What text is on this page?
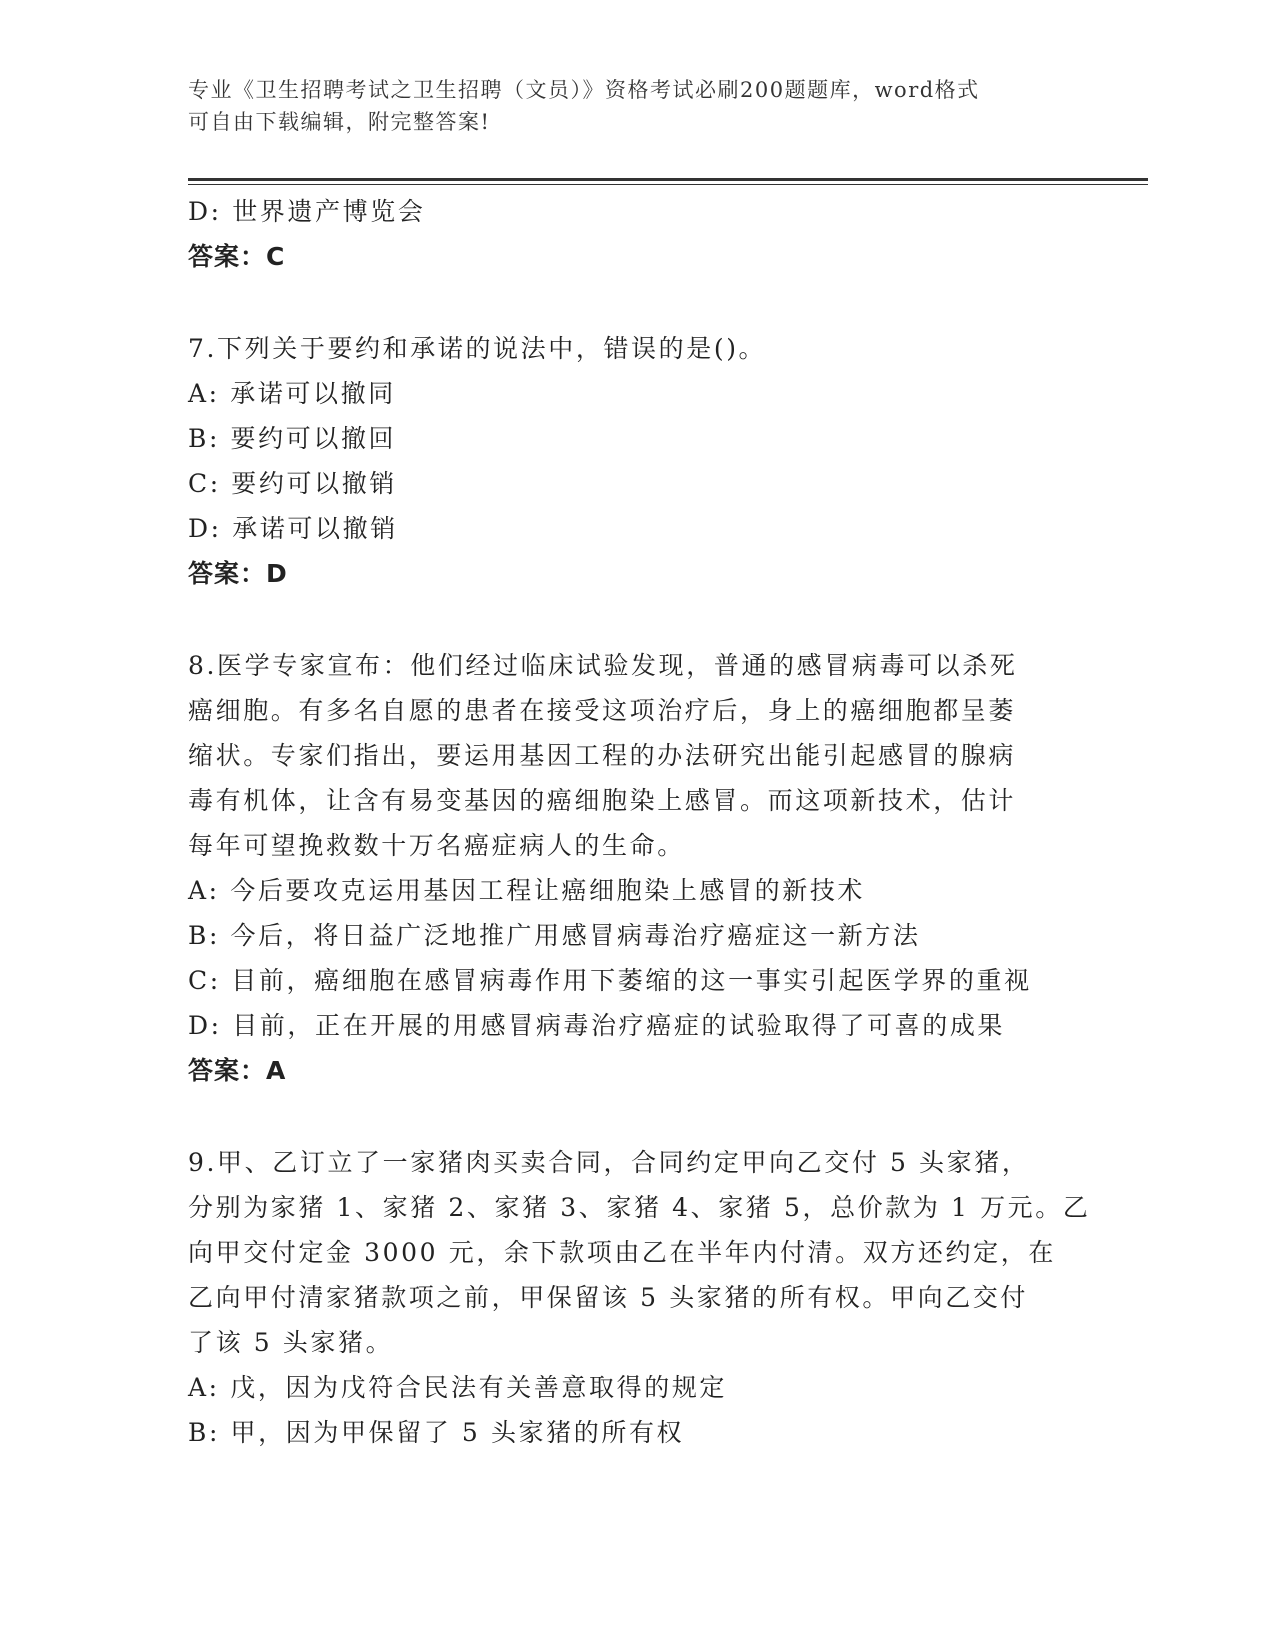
专业《卫生招聘考试之卫生招聘（文员）》资格考试必刷200题题库，word格式
可自由下载编辑，附完整答案!
D: 世界遗产博览会
答案：C
7.下列关于要约和承诺的说法中，错误的是()。
A: 承诺可以撤同
B: 要约可以撤回
C: 要约可以撤销
D: 承诺可以撤销
答案：D
8.医学专家宣布：他们经过临床试验发现，普通的感冒病毒可以杀死
癌细胞。有多名自愿的患者在接受这项治疗后，身上的癌细胞都呈萎
缩状。专家们指出，要运用基因工程的办法研究出能引起感冒的腺病
毒有机体，让含有易变基因的癌细胞染上感冒。而这项新技术，估计
每年可望挽救数十万名癌症病人的生命。
A: 今后要攻克运用基因工程让癌细胞染上感冒的新技术
B: 今后，将日益广泛地推广用感冒病毒治疗癌症这一新方法
C: 目前，癌细胞在感冒病毒作用下萎缩的这一事实引起医学界的重视
D: 目前，正在开展的用感冒病毒治疗癌症的试验取得了可喜的成果
答案：A
9.甲、乙订立了一家猪肉买卖合同，合同约定甲向乙交付 5 头家猪，
分别为家猪 1、家猪 2、家猪 3、家猪 4、家猪 5，总价款为 1 万元。乙
向甲交付定金 3000 元，余下款项由乙在半年内付清。双方还约定，在
乙向甲付清家猪款项之前，甲保留该 5 头家猪的所有权。甲向乙交付
了该 5 头家猪。
A: 戊，因为戊符合民法有关善意取得的规定
B: 甲，因为甲保留了 5 头家猪的所有权
